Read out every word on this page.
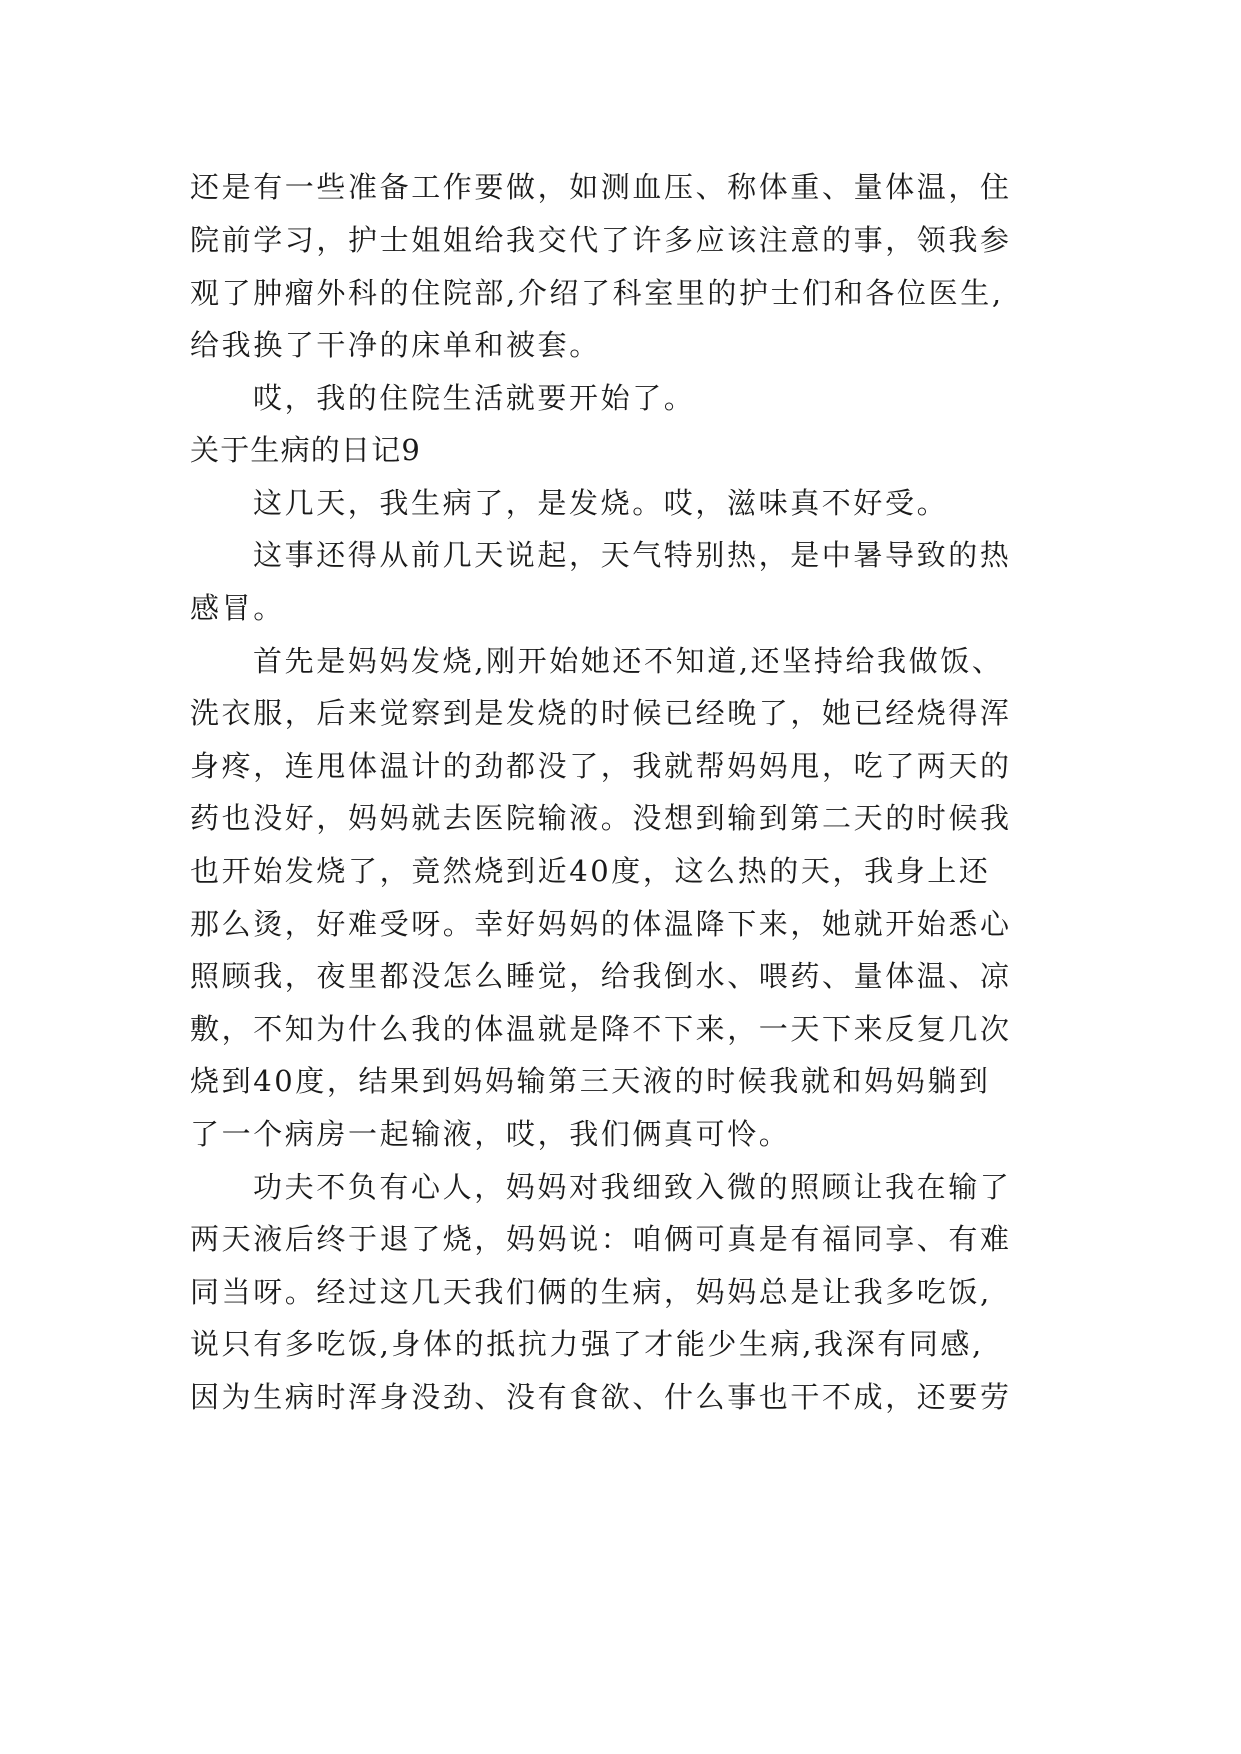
还是有一些准备工作要做，如测血压、称体重、量体温，住
院前学习，护士姐姐给我交代了许多应该注意的事，领我参
观了肿瘤外科的住院部,介绍了科室里的护士们和各位医生,
给我换了干净的床单和被套。
哎，我的住院生活就要开始了。
关于生病的日记9
这几天，我生病了，是发烧。哎，滋味真不好受。
这事还得从前几天说起，天气特别热，是中暑导致的热
感冒。
首先是妈妈发烧,刚开始她还不知道,还坚持给我做饭、
洗衣服，后来觉察到是发烧的时候已经晚了，她已经烧得浑
身疼，连甩体温计的劲都没了，我就帮妈妈甩，吃了两天的
药也没好，妈妈就去医院输液。没想到输到第二天的时候我
也开始发烧了，竟然烧到近40度，这么热的天，我身上还
那么烫，好难受呀。幸好妈妈的体温降下来，她就开始悉心
照顾我，夜里都没怎么睡觉，给我倒水、喂药、量体温、凉
敷，不知为什么我的体温就是降不下来，一天下来反复几次
烧到40度，结果到妈妈输第三天液的时候我就和妈妈躺到
了一个病房一起输液，哎，我们俩真可怜。
功夫不负有心人，妈妈对我细致入微的照顾让我在输了
两天液后终于退了烧，妈妈说：咱俩可真是有福同享、有难
同当呀。经过这几天我们俩的生病，妈妈总是让我多吃饭,
说只有多吃饭,身体的抵抗力强了才能少生病,我深有同感,
因为生病时浑身没劲、没有食欲、什么事也干不成，还要劳
